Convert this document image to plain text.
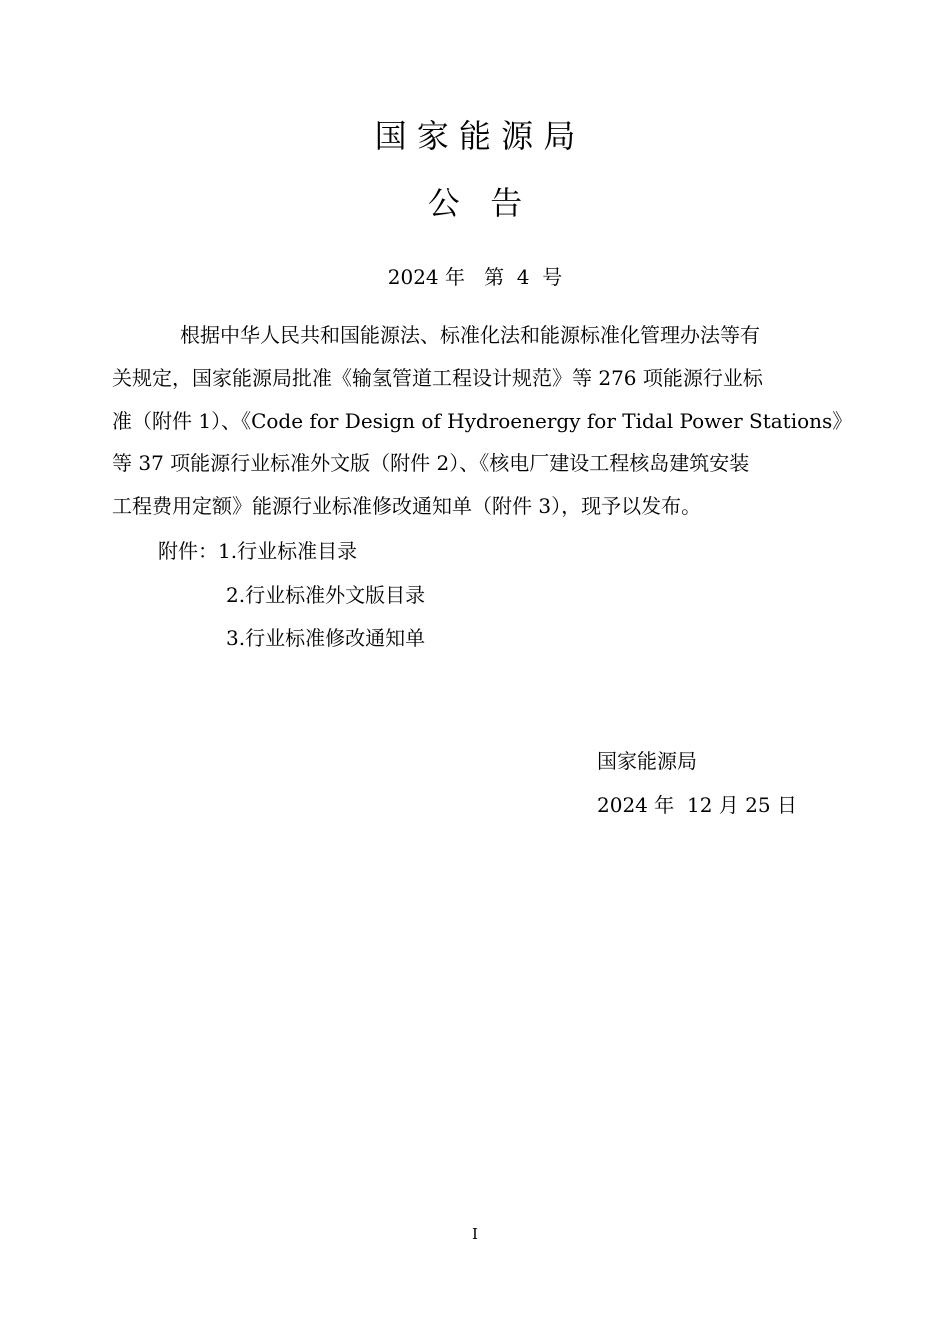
国 家 能 源 局
公   告
2024 年   第  4  号
根据中华人民共和国能源法、标准化法和能源标准化管理办法等有
关规定，国家能源局批准《输氢管道工程设计规范》等 276 项能源行业标
准（附件 1）、《Code for Design of Hydroenergy for Tidal Power Stations》
等 37 项能源行业标准外文版（附件 2）、《核电厂建设工程核岛建筑安装
工程费用定额》能源行业标准修改通知单（附件 3），现予以发布。
附件：1.行业标准目录
2.行业标准外文版目录
3.行业标准修改通知单
国家能源局
2024 年  12 月 25 日
I
